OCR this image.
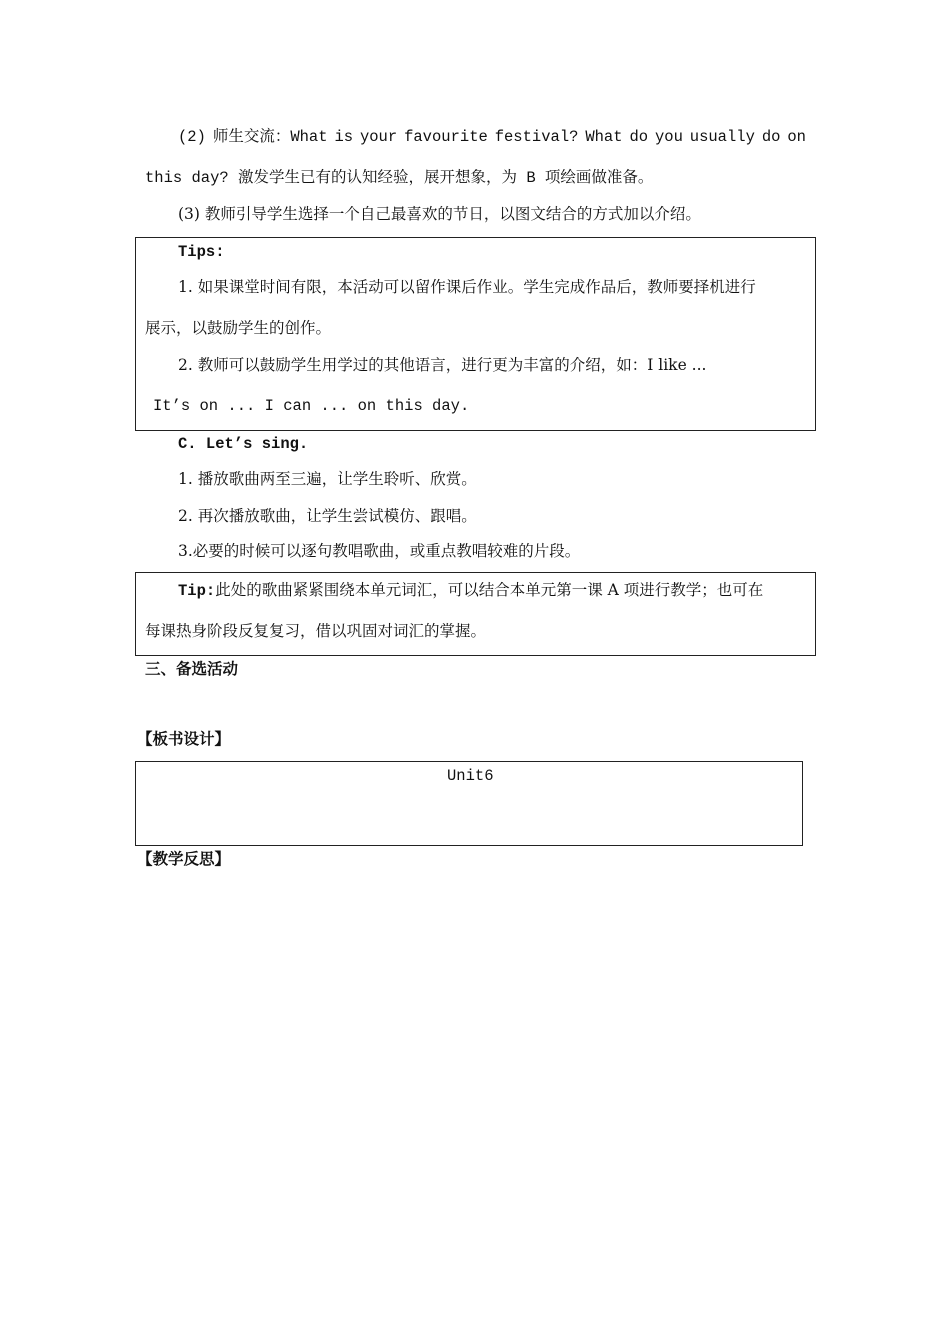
(2) 师生交流：What is your favourite festival? What do you usually do on
this day? 激发学生已有的认知经验，展开想象，为 B 项绘画做准备。
(3) 教师引导学生选择一个自己最喜欢的节日，以图文结合的方式加以介绍。
Tips:
1. 如果课堂时间有限，本活动可以留作课后作业。学生完成作品后，教师要择机进行
展示，以鼓励学生的创作。
2. 教师可以鼓励学生用学过的其他语言，进行更为丰富的介绍，如：I like ...
It’s on ... I can ... on this day.
C. Let’s sing.
1. 播放歌曲两至三遍，让学生聆听、欣赏。
2. 再次播放歌曲，让学生尝试模仿、跟唱。
3.必要的时候可以逐句教唱歌曲，或重点教唱较难的片段。
Tip:此处的歌曲紧紧围绕本单元词汇，可以结合本单元第一课 A 项进行教学；也可在
每课热身阶段反复复习，借以巩固对词汇的掌握。
三、备选活动
【板书设计】
Unit6
【教学反思】
